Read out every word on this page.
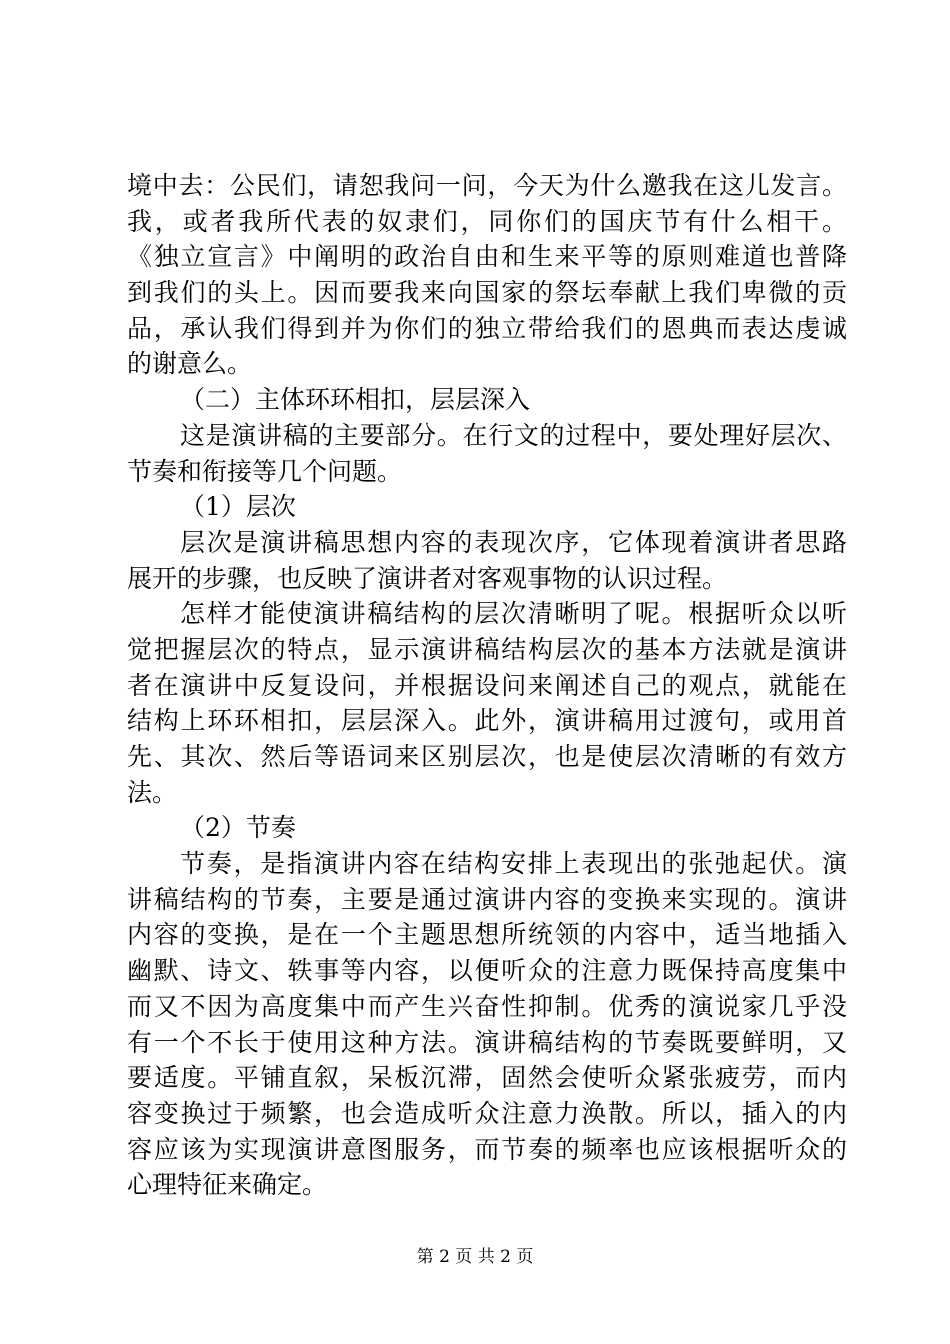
境中去：公民们，请恕我问一问，今天为什么邀我在这儿发言。
我，或者我所代表的奴隶们，同你们的国庆节有什么相干。
《独立宣言》中阐明的政治自由和生来平等的原则难道也普降
到我们的头上。因而要我来向国家的祭坛奉献上我们卑微的贡
品，承认我们得到并为你们的独立带给我们的恩典而表达虔诚
的谢意么。
（二）主体环环相扣，层层深入
这是演讲稿的主要部分。在行文的过程中，要处理好层次、
节奏和衔接等几个问题。
（1）层次
层次是演讲稿思想内容的表现次序，它体现着演讲者思路
展开的步骤，也反映了演讲者对客观事物的认识过程。
怎样才能使演讲稿结构的层次清晰明了呢。根据听众以听
觉把握层次的特点，显示演讲稿结构层次的基本方法就是演讲
者在演讲中反复设问，并根据设问来阐述自己的观点，就能在
结构上环环相扣，层层深入。此外，演讲稿用过渡句，或用首
先、其次、然后等语词来区别层次，也是使层次清晰的有效方
法。
（2）节奏
节奏，是指演讲内容在结构安排上表现出的张弛起伏。演
讲稿结构的节奏，主要是通过演讲内容的变换来实现的。演讲
内容的变换，是在一个主题思想所统领的内容中，适当地插入
幽默、诗文、轶事等内容，以便听众的注意力既保持高度集中
而又不因为高度集中而产生兴奋性抑制。优秀的演说家几乎没
有一个不长于使用这种方法。演讲稿结构的节奏既要鲜明，又
要适度。平铺直叙，呆板沉滞，固然会使听众紧张疲劳，而内
容变换过于频繁，也会造成听众注意力涣散。所以，插入的内
容应该为实现演讲意图服务，而节奏的频率也应该根据听众的
心理特征来确定。
第 2 页 共 2 页
